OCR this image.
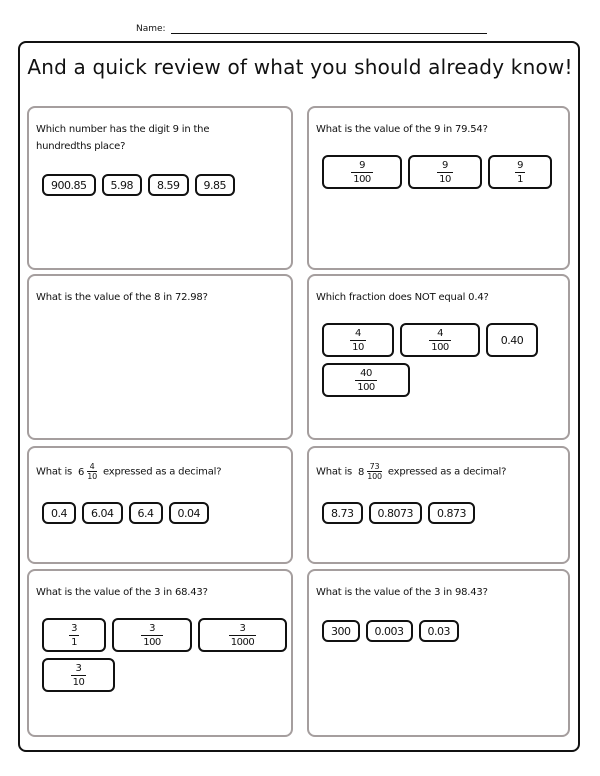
Name:
And a quick review of what you should already know!
Which number has the digit 9 in the hundredths place?
900.85	5.98	8.59	9.85
What is the value of the 9 in 79.54?
$\frac{9}{100}$	$\frac{9}{10}$	$\frac{9}{1}$
What is the value of the 8 in 72.98?	Which fraction does NOT equal 0.4?
$\frac{4}{10}$	$\frac{4}{100}$	0.40
$\frac{40}{100}$
What is $6 \frac{4}{10}$ expressed as a decimal?
0.4	6.04	6.4	0.04
What is $8 \frac{73}{100}$ expressed as a decimal?
8.73	0.8073	0.873
What is the value of the 3 in 68.43?
$\frac{3}{1}$	$\frac{3}{100}$	$\frac{3}{1000}$
$\frac{3}{10}$
What is the value of the 3 in 98.43?
300	0.003	0.03
